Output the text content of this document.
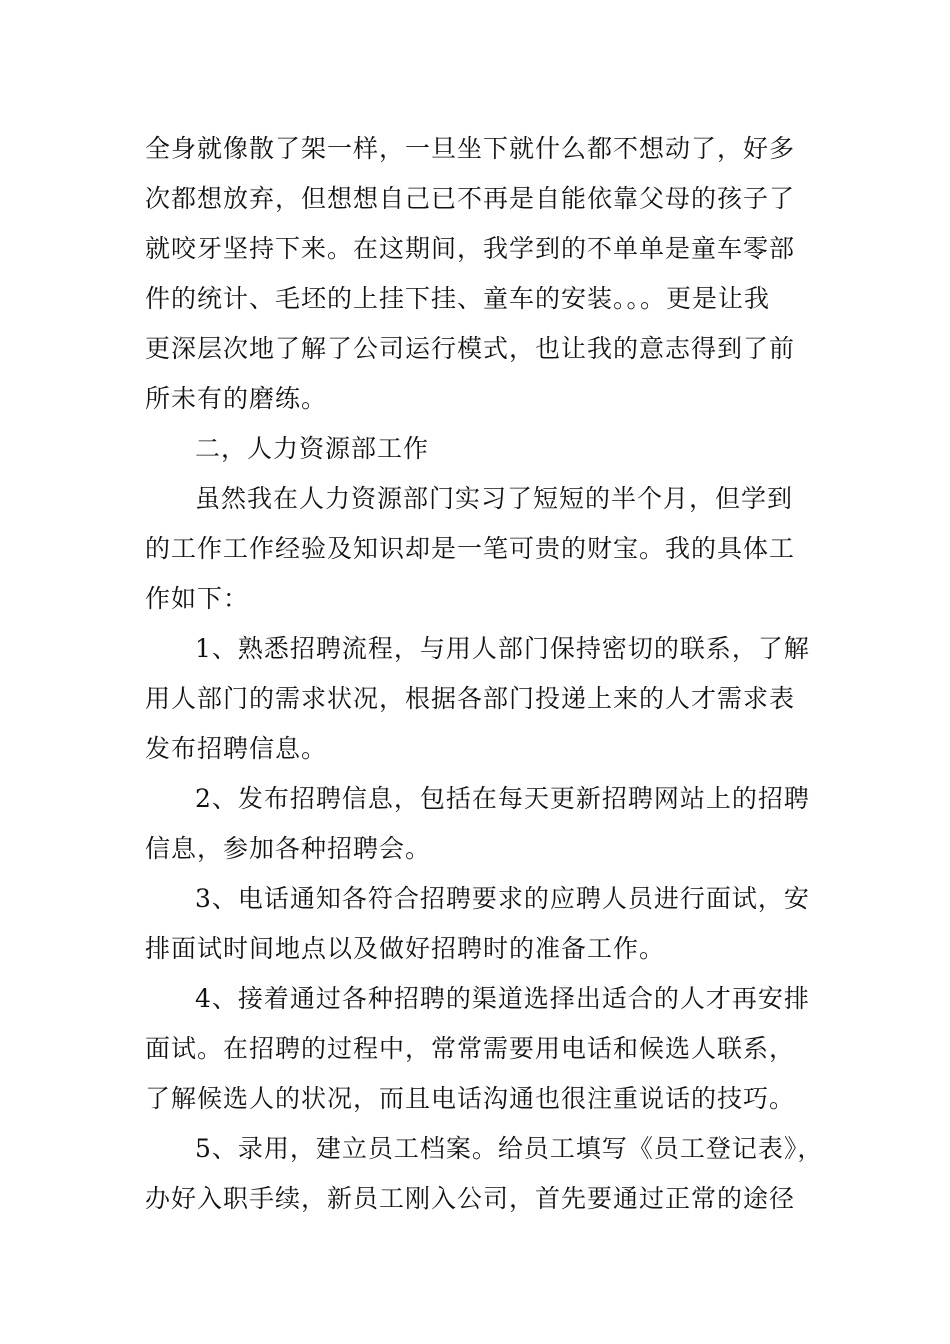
全身就像散了架一样，一旦坐下就什么都不想动了，好多
次都想放弃，但想想自己已不再是自能依靠父母的孩子了
就咬牙坚持下来。在这期间，我学到的不单单是童车零部
件的统计、毛坯的上挂下挂、童车的安装。。。更是让我
更深层次地了解了公司运行模式，也让我的意志得到了前
所未有的磨练。
二，人力资源部工作
虽然我在人力资源部门实习了短短的半个月，但学到
的工作工作经验及知识却是一笔可贵的财宝。我的具体工
作如下：
1、熟悉招聘流程，与用人部门保持密切的联系，了解
用人部门的需求状况，根据各部门投递上来的人才需求表
发布招聘信息。
2、发布招聘信息，包括在每天更新招聘网站上的招聘
信息，参加各种招聘会。
3、电话通知各符合招聘要求的应聘人员进行面试，安
排面试时间地点以及做好招聘时的准备工作。
4、接着通过各种招聘的渠道选择出适合的人才再安排
面试。在招聘的过程中，常常需要用电话和候选人联系，
了解候选人的状况，而且电话沟通也很注重说话的技巧。
5、录用，建立员工档案。给员工填写《员工登记表》，
办好入职手续，新员工刚入公司，首先要通过正常的途径
